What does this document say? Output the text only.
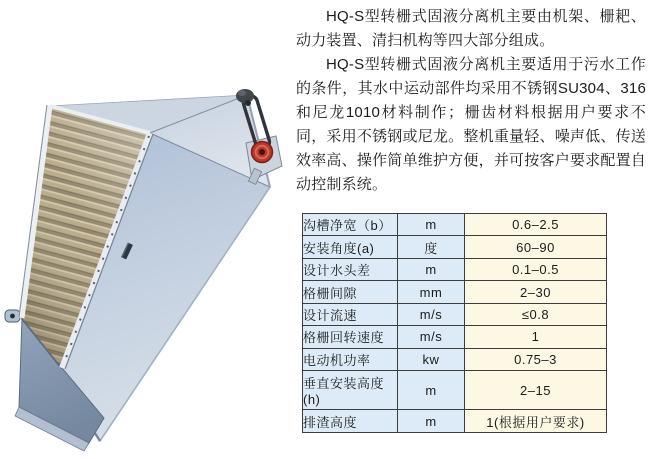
HQ-S型转栅式固液分离机主要由机架、栅耙、动力装置、清扫机构等四大部分组成。

HQ-S型转栅式固液分离机主要适用于污水工作的条件，其水中运动部件均采用不锈钢SU304、316和尼龙1010材料制作；栅齿材料根据用户要求不同，采用不锈钢或尼龙。整机重量轻、噪声低、传送效率高、操作简单维护方便，并可按客户要求配置自动控制系统。

沟槽净宽（b）	m	0.6–2.5
安装角度(a)	度	60–90
设计水头差	m	0.1–0.5
格栅间隙	mm	2–30
设计流速	m/s	≤0.8
格栅回转速度	m/s	1
电动机功率	kw	0.75–3
垂直安装高度(h)	m	2–15
排渣高度	m	1(根据用户要求)
